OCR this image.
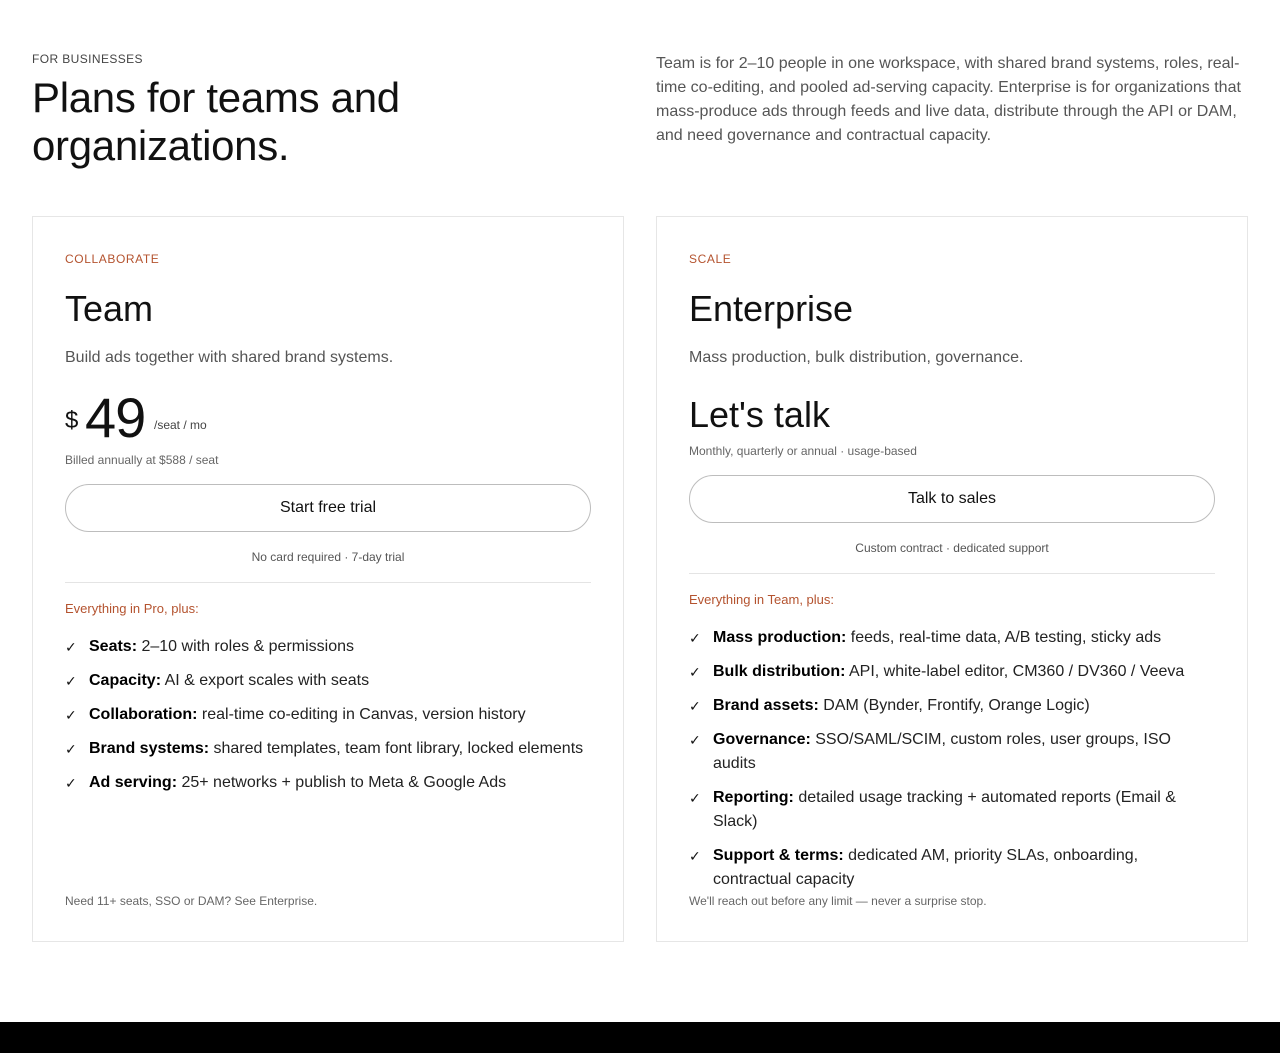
FOR BUSINESSES
Plans for teams and organizations.

Team is for 2–10 people in one workspace, with shared brand systems, roles, real-time co-editing, and pooled ad-serving capacity. Enterprise is for organizations that mass-produce ads through feeds and live data, distribute through the API or DAM, and need governance and contractual capacity.

COLLABORATE
Team

Build ads together with shared brand systems.

$ 49 /seat / mo
Billed annually at $588 / seat
Start free trial
No card required · 7-day trial
Everything in Pro, plus:
✓ Seats: 2–10 with roles & permissions
✓ Capacity: AI & export scales with seats
✓ Collaboration: real-time co-editing in Canvas, version history
✓ Brand systems: shared templates, team font library, locked elements
✓ Ad serving: 25+ networks + publish to Meta & Google Ads
Need 11+ seats, SSO or DAM? See Enterprise.
SCALE
Enterprise

Mass production, bulk distribution, governance.

Let's talk
Monthly, quarterly or annual · usage-based
Talk to sales
Custom contract · dedicated support
Everything in Team, plus:
✓ Mass production: feeds, real-time data, A/B testing, sticky ads
✓ Bulk distribution: API, white-label editor, CM360 / DV360 / Veeva
✓ Brand assets: DAM (Bynder, Frontify, Orange Logic)
✓ Governance: SSO/SAML/SCIM, custom roles, user groups, ISO audits
✓ Reporting: detailed usage tracking + automated reports (Email & Slack)
✓ Support & terms: dedicated AM, priority SLAs, onboarding, contractual capacity
We'll reach out before any limit — never a surprise stop.
